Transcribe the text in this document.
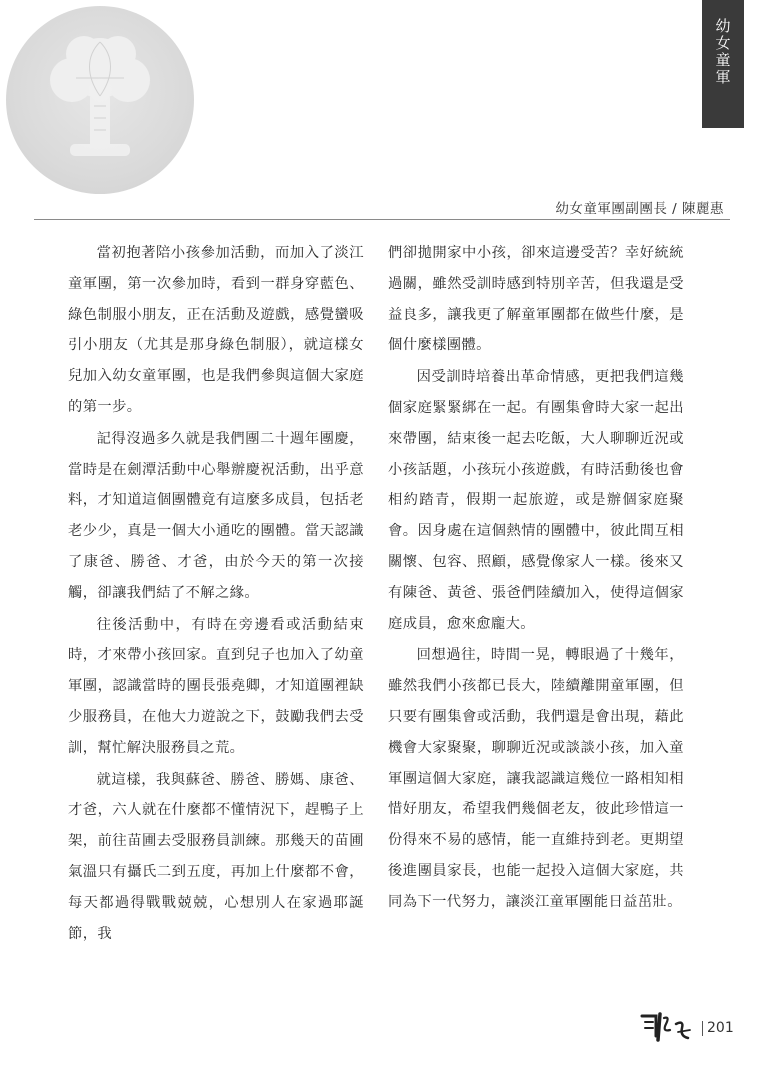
幼女童軍
幼女童軍團副團長 / 陳麗惠

當初抱著陪小孩參加活動，而加入了淡江童軍團，第一次參加時，看到一群身穿藍色、綠色制服小朋友，正在活動及遊戲，感覺蠻吸引小朋友（尤其是那身綠色制服），就這樣女兒加入幼女童軍團，也是我們參與這個大家庭的第一步。

記得沒過多久就是我們團二十週年團慶，當時是在劍潭活動中心舉辦慶祝活動，出乎意料，才知道這個團體竟有這麼多成員，包括老老少少，真是一個大小通吃的團體。當天認識了康爸、勝爸、才爸，由於今天的第一次接觸，卻讓我們結了不解之緣。

往後活動中，有時在旁邊看或活動結束時，才來帶小孩回家。直到兒子也加入了幼童軍團，認識當時的團長張堯卿，才知道團裡缺少服務員，在他大力遊說之下，鼓勵我們去受訓，幫忙解決服務員之荒。

就這樣，我與蘇爸、勝爸、勝媽、康爸、才爸，六人就在什麼都不懂情況下，趕鴨子上架，前往苗圃去受服務員訓練。那幾天的苗圃氣溫只有攝氏二到五度，再加上什麼都不會，每天都過得戰戰兢兢，心想別人在家過耶誕節，我

們卻拋開家中小孩，卻來這邊受苦？幸好統統過關，雖然受訓時感到特別辛苦，但我還是受益良多，讓我更了解童軍團都在做些什麼，是個什麼樣團體。

因受訓時培養出革命情感，更把我們這幾個家庭緊緊綁在一起。有團集會時大家一起出來帶團，結束後一起去吃飯，大人聊聊近況或小孩話題，小孩玩小孩遊戲，有時活動後也會相約踏青，假期一起旅遊，或是辦個家庭聚會。因身處在這個熱情的團體中，彼此間互相關懷、包容、照顧，感覺像家人一樣。後來又有陳爸、黃爸、張爸們陸續加入，使得這個家庭成員，愈來愈龐大。

回想過往，時間一晃，轉眼過了十幾年，雖然我們小孩都已長大，陸續離開童軍團，但只要有團集會或活動，我們還是會出現，藉此機會大家聚聚，聊聊近況或談談小孩，加入童軍團這個大家庭，讓我認識這幾位一路相知相惜好朋友，希望我們幾個老友，彼此珍惜這一份得來不易的感情，能一直維持到老。更期望後進團員家長，也能一起投入這個大家庭，共同為下一代努力，讓淡江童軍團能日益茁壯。

201
